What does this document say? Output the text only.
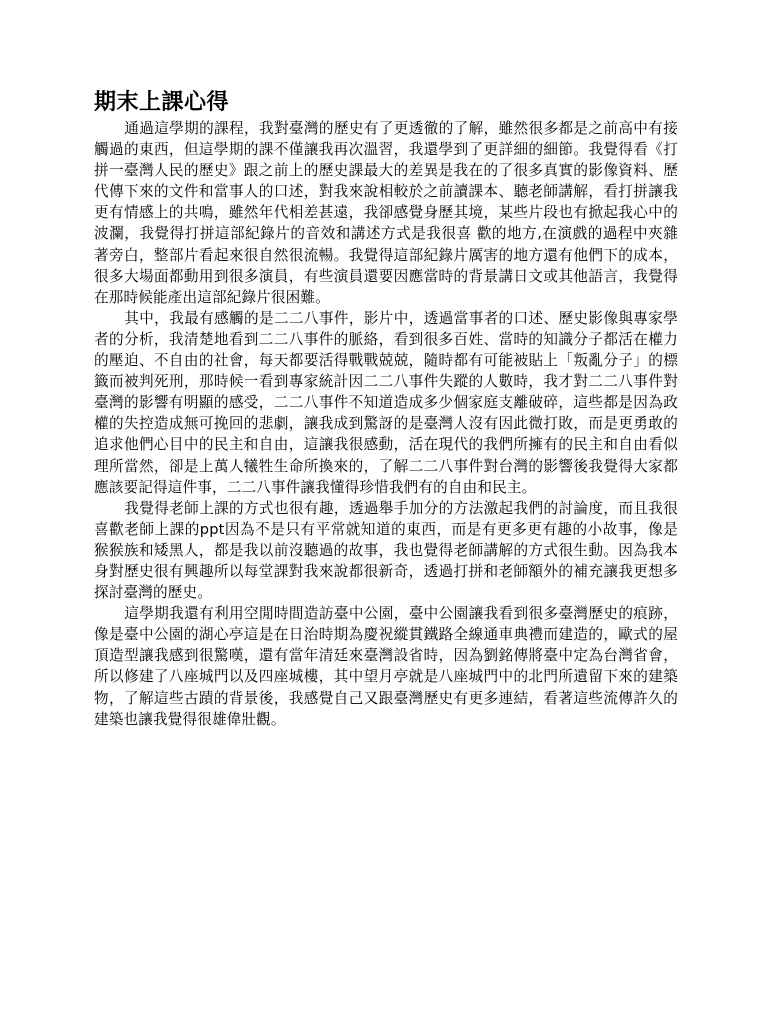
期末上課心得

通過這學期的課程，我對臺灣的歷史有了更透徹的了解，雖然很多都是之前高中有接觸過的東西，但這學期的課不僅讓我再次溫習，我還學到了更詳細的細節。我覺得看《打拼一臺灣人民的歷史》跟之前上的歷史課最大的差異是我在的了很多真實的影像資料、歷代傳下來的文件和當事人的口述，對我來說相較於之前讀課本、聽老師講解，看打拼讓我更有情感上的共鳴，雖然年代相差甚遠，我卻感覺身歷其境，某些片段也有掀起我心中的波瀾，我覺得打拼這部紀錄片的音效和講述方式是我很喜 歡的地方,在演戲的過程中夾雜著旁白，整部片看起來很自然很流暢。我覺得這部紀錄片厲害的地方還有他們下的成本，很多大場面都動用到很多演員，有些演員還要因應當時的背景講日文或其他語言，我覺得在那時候能產出這部紀錄片很困難。

其中，我最有感觸的是二二八事件，影片中，透過當事者的口述、歷史影像與專家學者的分析，我清楚地看到二二八事件的脈絡，看到很多百姓、當時的知識分子都活在權力的壓迫、不自由的社會，每天都要活得戰戰兢兢，隨時都有可能被貼上「叛亂分子」的標籤而被判死刑，那時候一看到專家統計因二二八事件失蹤的人數時，我才對二二八事件對臺灣的影響有明顯的感受，二二八事件不知道造成多少個家庭支離破碎，這些都是因為政權的失控造成無可挽回的悲劇，讓我成到驚訝的是臺灣人沒有因此微打敗，而是更勇敢的追求他們心目中的民主和自由，這讓我很感動，活在現代的我們所擁有的民主和自由看似理所當然，卻是上萬人犧牲生命所換來的，了解二二八事件對台灣的影響後我覺得大家都應該要記得這件事，二二八事件讓我懂得珍惜我們有的自由和民主。

我覺得老師上課的方式也很有趣，透過舉手加分的方法激起我們的討論度，而且我很喜歡老師上課的ppt因為不是只有平常就知道的東西，而是有更多更有趣的小故事，像是猴猴族和矮黑人，都是我以前沒聽過的故事，我也覺得老師講解的方式很生動。因為我本身對歷史很有興趣所以每堂課對我來說都很新奇，透過打拼和老師額外的補充讓我更想多探討臺灣的歷史。

這學期我還有利用空閒時間造訪臺中公園，臺中公園讓我看到很多臺灣歷史的痕跡，像是臺中公園的湖心亭這是在日治時期為慶祝縱貫鐵路全線通車典禮而建造的，歐式的屋頂造型讓我感到很驚嘆，還有當年清廷來臺灣設省時，因為劉銘傳將臺中定為台灣省會，所以修建了八座城門以及四座城樓，其中望月亭就是八座城門中的北門所遺留下來的建築物，了解這些古蹟的背景後，我感覺自己又跟臺灣歷史有更多連結，看著這些流傳許久的建築也讓我覺得很雄偉壯觀。
